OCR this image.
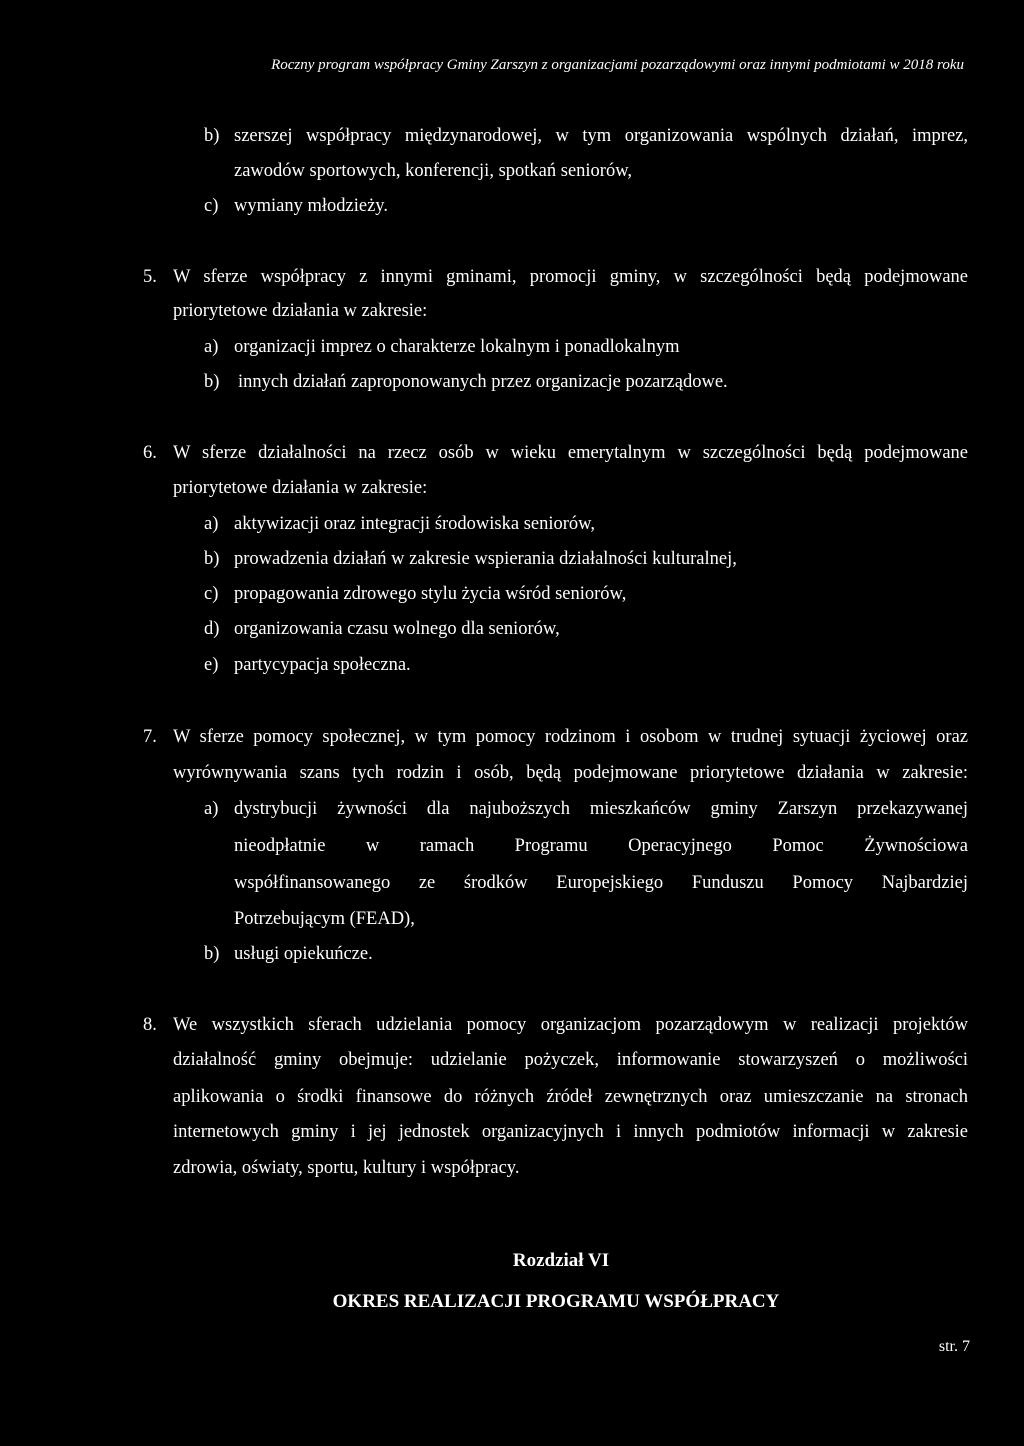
Roczny program współpracy Gminy Zarszyn z organizacjami pozarządowymi oraz innymi podmiotami w 2018 roku
b) szerszej współpracy międzynarodowej, w tym organizowania wspólnych działań, imprez,
zawodów sportowych, konferencji, spotkań seniorów,
c) wymiany młodzieży.
5. W sferze współpracy z innymi gminami, promocji gminy, w szczególności będą podejmowane
priorytetowe działania w zakresie:
a) organizacji imprez o charakterze lokalnym i ponadlokalnym
b) innych działań zaproponowanych przez organizacje pozarządowe.
6. W sferze działalności na rzecz osób w wieku emerytalnym w szczególności będą podejmowane
priorytetowe działania w zakresie:
a) aktywizacji oraz integracji środowiska seniorów,
b) prowadzenia działań w zakresie wspierania działalności kulturalnej,
c) propagowania zdrowego stylu życia wśród seniorów,
d) organizowania czasu wolnego dla seniorów,
e) partycypacja społeczna.
7. W sferze pomocy społecznej, w tym pomocy rodzinom i osobom w trudnej sytuacji życiowej oraz
wyrównywania szans tych rodzin i osób, będą podejmowane priorytetowe działania w zakresie:
a) dystrybucji żywności dla najuboższych mieszkańców gminy Zarszyn przekazywanej
nieodpłatnie w ramach Programu Operacyjnego Pomoc Żywnościowa
współfinansowanego ze środków Europejskiego Funduszu Pomocy Najbardziej
Potrzebującym (FEAD),
b) usługi opiekuńcze.
8. We wszystkich sferach udzielania pomocy organizacjom pozarządowym w realizacji projektów
działalność gminy obejmuje: udzielanie pożyczek, informowanie stowarzyszeń o możliwości
aplikowania o środki finansowe do różnych źródeł zewnętrznych oraz umieszczanie na stronach
internetowych gminy i jej jednostek organizacyjnych i innych podmiotów informacji w zakresie
zdrowia, oświaty, sportu, kultury i współpracy.
Rozdział VI
OKRES REALIZACJI PROGRAMU WSPÓŁPRACY
str. 7
